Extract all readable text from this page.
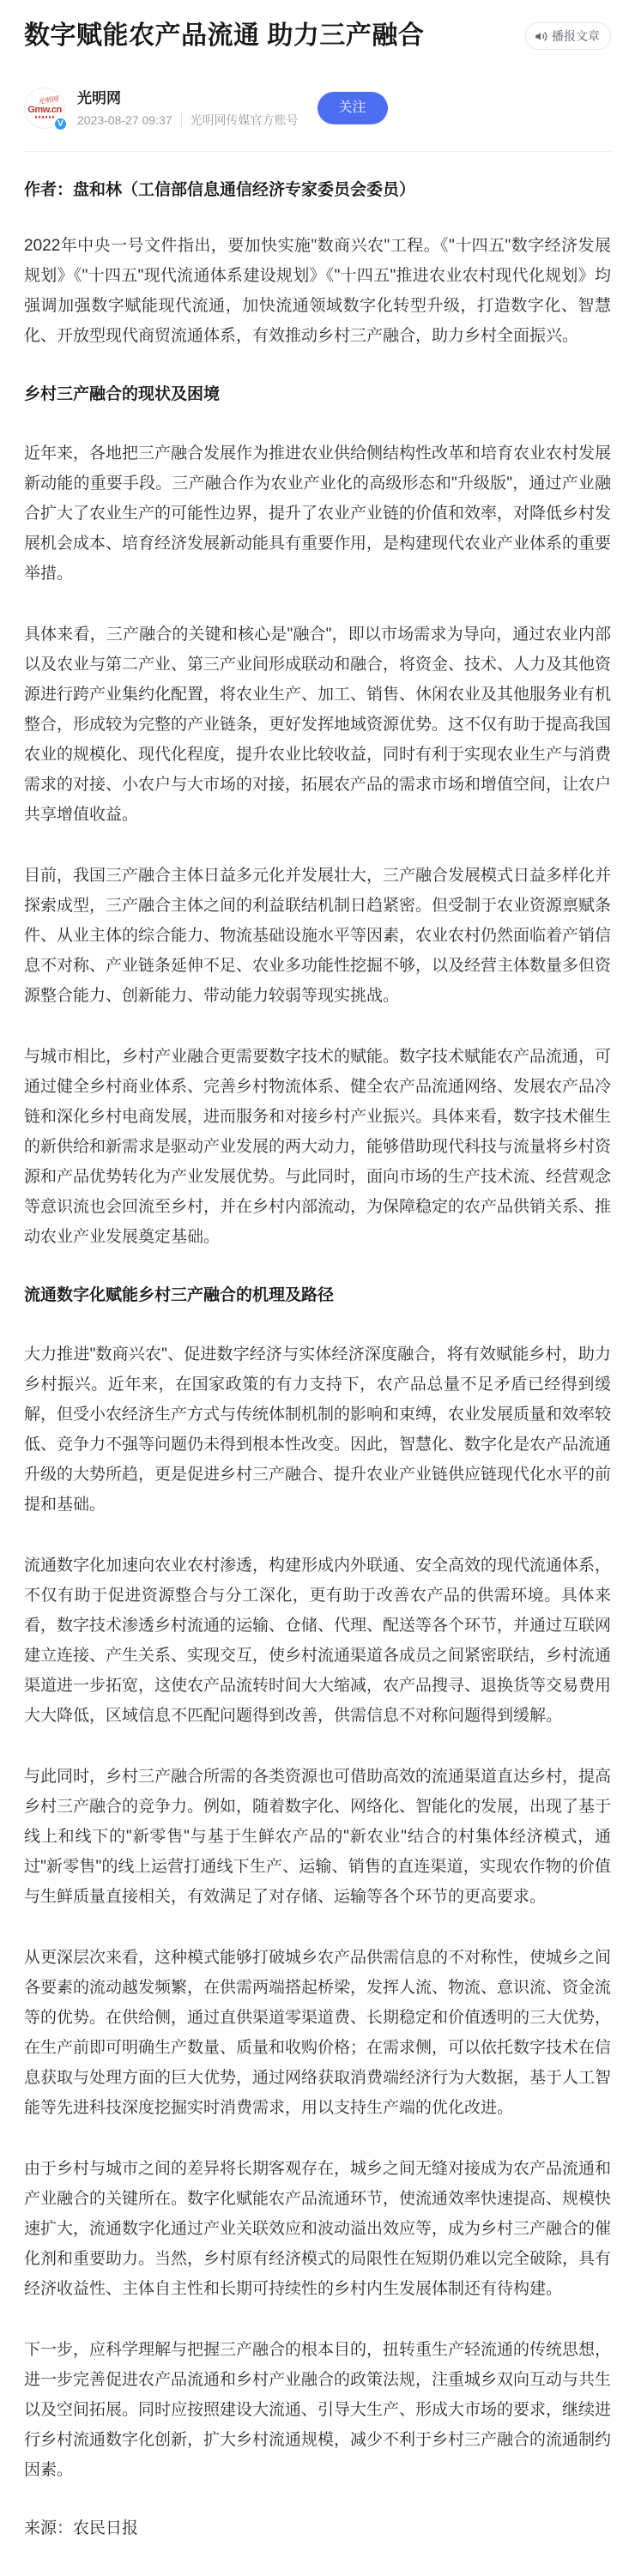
数字赋能农产品流通 助力三产融合	播报文章
光明网
Gmw.cn
V
光明网
2023-08-27 09:37 光明网传媒官方账号
关注
作者：盘和林（工信部信息通信经济专家委员会委员）

2022年中央一号文件指出，要加快实施"数商兴农"工程。《"十四五"数字经济发展规划》《"十四五"现代流通体系建设规划》《"十四五"推进农业农村现代化规划》均强调加强数字赋能现代流通，加快流通领域数字化转型升级，打造数字化、智慧化、开放型现代商贸流通体系，有效推动乡村三产融合，助力乡村全面振兴。

乡村三产融合的现状及困境

近年来，各地把三产融合发展作为推进农业供给侧结构性改革和培育农业农村发展新动能的重要手段。三产融合作为农业产业化的高级形态和"升级版"，通过产业融合扩大了农业生产的可能性边界，提升了农业产业链的价值和效率，对降低乡村发展机会成本、培育经济发展新动能具有重要作用，是构建现代农业产业体系的重要举措。

具体来看，三产融合的关键和核心是"融合"，即以市场需求为导向，通过农业内部以及农业与第二产业、第三产业间形成联动和融合，将资金、技术、人力及其他资源进行跨产业集约化配置，将农业生产、加工、销售、休闲农业及其他服务业有机整合，形成较为完整的产业链条，更好发挥地域资源优势。这不仅有助于提高我国农业的规模化、现代化程度，提升农业比较收益，同时有利于实现农业生产与消费需求的对接、小农户与大市场的对接，拓展农产品的需求市场和增值空间，让农户共享增值收益。

目前，我国三产融合主体日益多元化并发展壮大，三产融合发展模式日益多样化并探索成型，三产融合主体之间的利益联结机制日趋紧密。但受制于农业资源禀赋条件、从业主体的综合能力、物流基础设施水平等因素，农业农村仍然面临着产销信息不对称、产业链条延伸不足、农业多功能性挖掘不够，以及经营主体数量多但资源整合能力、创新能力、带动能力较弱等现实挑战。

与城市相比，乡村产业融合更需要数字技术的赋能。数字技术赋能农产品流通，可通过健全乡村商业体系、完善乡村物流体系、健全农产品流通网络、发展农产品冷链和深化乡村电商发展，进而服务和对接乡村产业振兴。具体来看，数字技术催生的新供给和新需求是驱动产业发展的两大动力，能够借助现代科技与流量将乡村资源和产品优势转化为产业发展优势。与此同时，面向市场的生产技术流、经营观念等意识流也会回流至乡村，并在乡村内部流动，为保障稳定的农产品供销关系、推动农业产业发展奠定基础。

流通数字化赋能乡村三产融合的机理及路径

大力推进"数商兴农"、促进数字经济与实体经济深度融合，将有效赋能乡村，助力乡村振兴。近年来，在国家政策的有力支持下，农产品总量不足矛盾已经得到缓解，但受小农经济生产方式与传统体制机制的影响和束缚，农业发展质量和效率较低、竞争力不强等问题仍未得到根本性改变。因此，智慧化、数字化是农产品流通升级的大势所趋，更是促进乡村三产融合、提升农业产业链供应链现代化水平的前提和基础。

流通数字化加速向农业农村渗透，构建形成内外联通、安全高效的现代流通体系，不仅有助于促进资源整合与分工深化，更有助于改善农产品的供需环境。具体来看，数字技术渗透乡村流通的运输、仓储、代理、配送等各个环节，并通过互联网建立连接、产生关系、实现交互，使乡村流通渠道各成员之间紧密联结，乡村流通渠道进一步拓宽，这使农产品流转时间大大缩减，农产品搜寻、退换货等交易费用大大降低，区域信息不匹配问题得到改善，供需信息不对称问题得到缓解。

与此同时，乡村三产融合所需的各类资源也可借助高效的流通渠道直达乡村，提高乡村三产融合的竞争力。例如，随着数字化、网络化、智能化的发展，出现了基于线上和线下的"新零售"与基于生鲜农产品的"新农业"结合的村集体经济模式，通过"新零售"的线上运营打通线下生产、运输、销售的直连渠道，实现农作物的价值与生鲜质量直接相关，有效满足了对存储、运输等各个环节的更高要求。

从更深层次来看，这种模式能够打破城乡农产品供需信息的不对称性，使城乡之间各要素的流动越发频繁，在供需两端搭起桥梁，发挥人流、物流、意识流、资金流等的优势。在供给侧，通过直供渠道零渠道费、长期稳定和价值透明的三大优势，在生产前即可明确生产数量、质量和收购价格；在需求侧，可以依托数字技术在信息获取与处理方面的巨大优势，通过网络获取消费端经济行为大数据，基于人工智能等先进科技深度挖掘实时消费需求，用以支持生产端的优化改进。

由于乡村与城市之间的差异将长期客观存在，城乡之间无缝对接成为农产品流通和产业融合的关键所在。数字化赋能农产品流通环节，使流通效率快速提高、规模快速扩大，流通数字化通过产业关联效应和波动溢出效应等，成为乡村三产融合的催化剂和重要助力。当然，乡村原有经济模式的局限性在短期仍难以完全破除，具有经济收益性、主体自主性和长期可持续性的乡村内生发展体制还有待构建。

下一步，应科学理解与把握三产融合的根本目的，扭转重生产轻流通的传统思想，进一步完善促进农产品流通和乡村产业融合的政策法规，注重城乡双向互动与共生以及空间拓展。同时应按照建设大流通、引导大生产、形成大市场的要求，继续进行乡村流通数字化创新，扩大乡村流通规模，减少不利于乡村三产融合的流通制约因素。

来源：农民日报
